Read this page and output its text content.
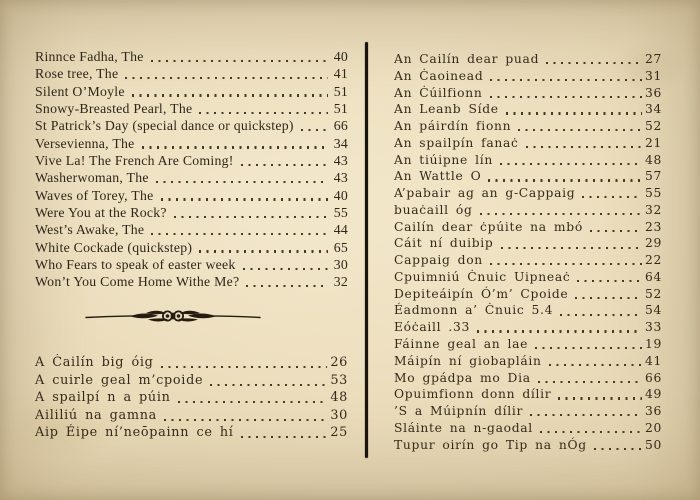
Rinnce Fadha, The	40
Rose tree, The	41
Silent O’Moyle	51
Snowy-Breasted Pearl, The	51
St Patrick’s Day (special dance or quickstep)	66
Versevienna, The	34
Vive La! The French Are Coming!	43
Washerwoman, The	43
Waves of Torey, The	40
Were You at the Rock?	55
West’s Awake, The	44
White Cockade (quickstep)	65
Who Fears to speak of easter week	30
Won’t You Come Home Withe Me?	32
A Ċailín big óig	26
A cuirle geal m’cpoide	53
A spailpí n a púin	48
Aililiú na gamna	30
Aip Éipe ní’neōpainn ce hí	25
An Cailín dear puad	27
An Ċaoinead	31
An Ċúilfionn	36
An Leanb Síde	34
An páirdín fionn	52
An spailpín fanaċ	21
An tiúipne lín	48
An Wattle O	57
A’pabair ag an g-Cappaig	55
buaċaill óg	32
Cailín dear ċpúite na mbó	23
Cáit ní duibip	29
Cappaig don	22
Cpuimniú Ċnuic Uipneaċ	64
Depiteáipín Ó’m’ Cpoide	52
Éadmonn a’ Ċnuic 5.4	54
Eóċaill .33	33
Fáinne geal an lae	19
Máipín ní giobapláin	41
Mo gpádpa mo Dia	66
Opuimfionn donn dílir	49
’S a Múipnín dílir	36
Sláinte na n-gaodal	20
Tupur oirín go Tip na nÓg	50
